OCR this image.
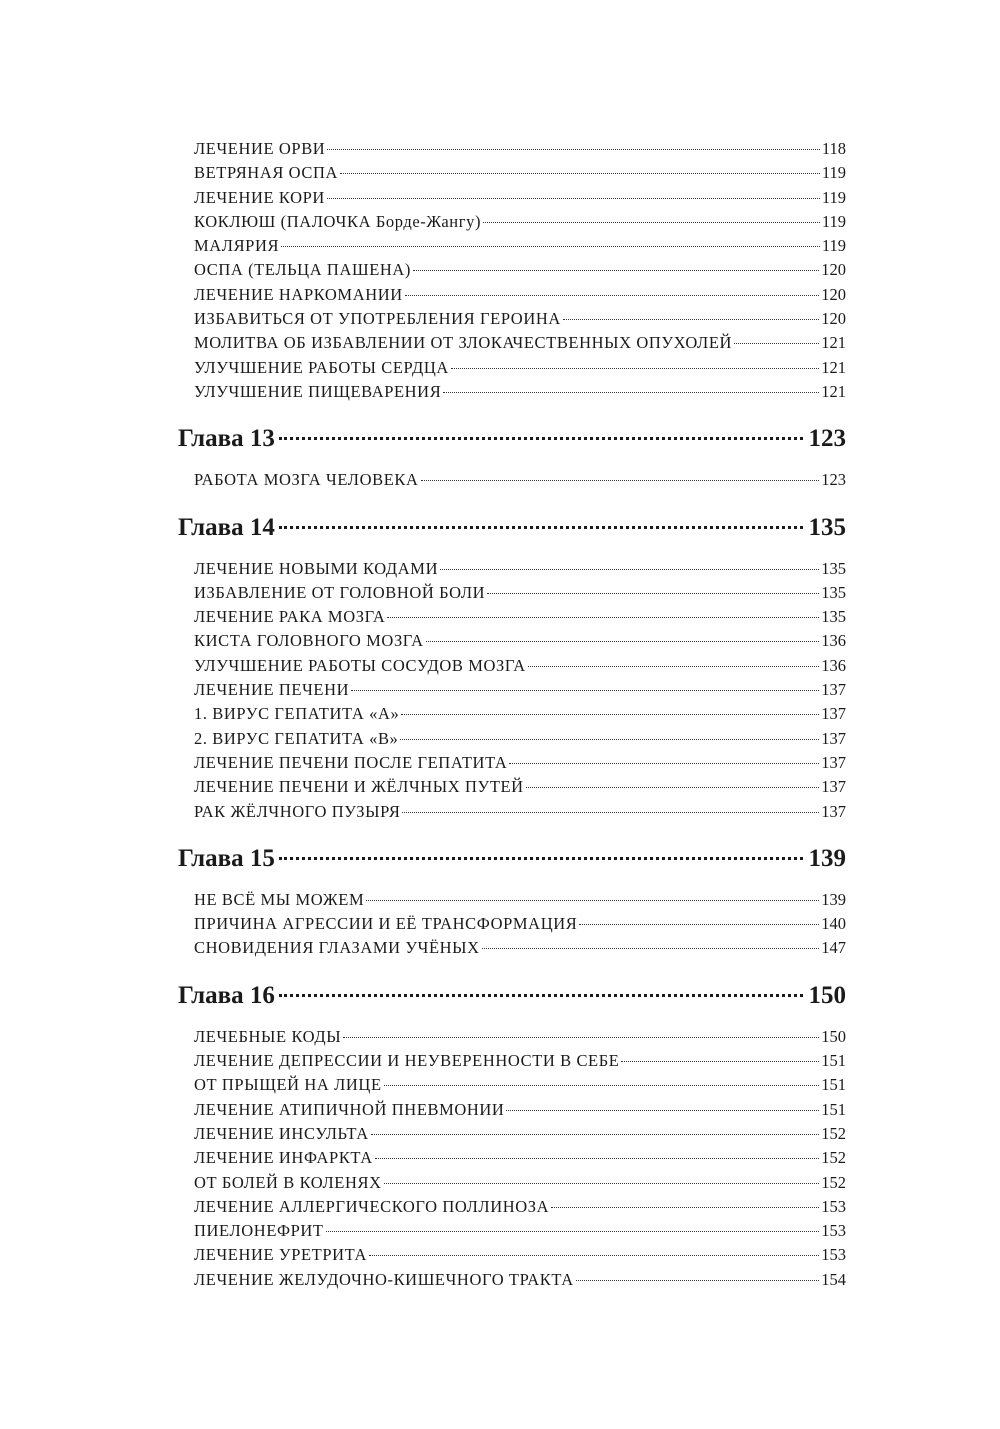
ЛЕЧЕНИЕ ОРВИ	118
ВЕТРЯНАЯ ОСПА	119
ЛЕЧЕНИЕ КОРИ	119
КОКЛЮШ (ПАЛОЧКА Борде-Жангу)	119
МАЛЯРИЯ	119
ОСПА (ТЕЛЬЦА ПАШЕНА)	120
ЛЕЧЕНИЕ НАРКОМАНИИ	120
ИЗБАВИТЬСЯ ОТ УПОТРЕБЛЕНИЯ ГЕРОИНА	120
МОЛИТВА ОБ ИЗБАВЛЕНИИ ОТ ЗЛОКАЧЕСТВЕННЫХ ОПУХОЛЕЙ	121
УЛУЧШЕНИЕ РАБОТЫ СЕРДЦА	121
УЛУЧШЕНИЕ ПИЩЕВАРЕНИЯ	121
Глава 13	123
РАБОТА МОЗГА ЧЕЛОВЕКА	123
Глава 14	135
ЛЕЧЕНИЕ НОВЫМИ КОДАМИ	135
ИЗБАВЛЕНИЕ ОТ ГОЛОВНОЙ БОЛИ	135
ЛЕЧЕНИЕ РАКА МОЗГА	135
КИСТА ГОЛОВНОГО МОЗГА	136
УЛУЧШЕНИЕ РАБОТЫ СОСУДОВ МОЗГА	136
ЛЕЧЕНИЕ ПЕЧЕНИ	137
1. ВИРУС ГЕПАТИТА «А»	137
2. ВИРУС ГЕПАТИТА «В»	137
ЛЕЧЕНИЕ ПЕЧЕНИ ПОСЛЕ ГЕПАТИТА	137
ЛЕЧЕНИЕ ПЕЧЕНИ И ЖЁЛЧНЫХ ПУТЕЙ	137
РАК ЖЁЛЧНОГО ПУЗЫРЯ	137
Глава 15	139
НЕ ВСЁ МЫ МОЖЕМ	139
ПРИЧИНА АГРЕССИИ И ЕЁ ТРАНСФОРМАЦИЯ	140
СНОВИДЕНИЯ ГЛАЗАМИ УЧЁНЫХ	147
Глава 16	150
ЛЕЧЕБНЫЕ КОДЫ	150
ЛЕЧЕНИЕ ДЕПРЕССИИ И НЕУВЕРЕННОСТИ В СЕБЕ	151
ОТ ПРЫЩЕЙ НА ЛИЦЕ	151
ЛЕЧЕНИЕ АТИПИЧНОЙ ПНЕВМОНИИ	151
ЛЕЧЕНИЕ ИНСУЛЬТА	152
ЛЕЧЕНИЕ ИНФАРКТА	152
ОТ БОЛЕЙ В КОЛЕНЯХ	152
ЛЕЧЕНИЕ АЛЛЕРГИЧЕСКОГО ПОЛЛИНОЗА	153
ПИЕЛОНЕФРИТ	153
ЛЕЧЕНИЕ УРЕТРИТА	153
ЛЕЧЕНИЕ ЖЕЛУДОЧНО-КИШЕЧНОГО ТРАКТА	154
